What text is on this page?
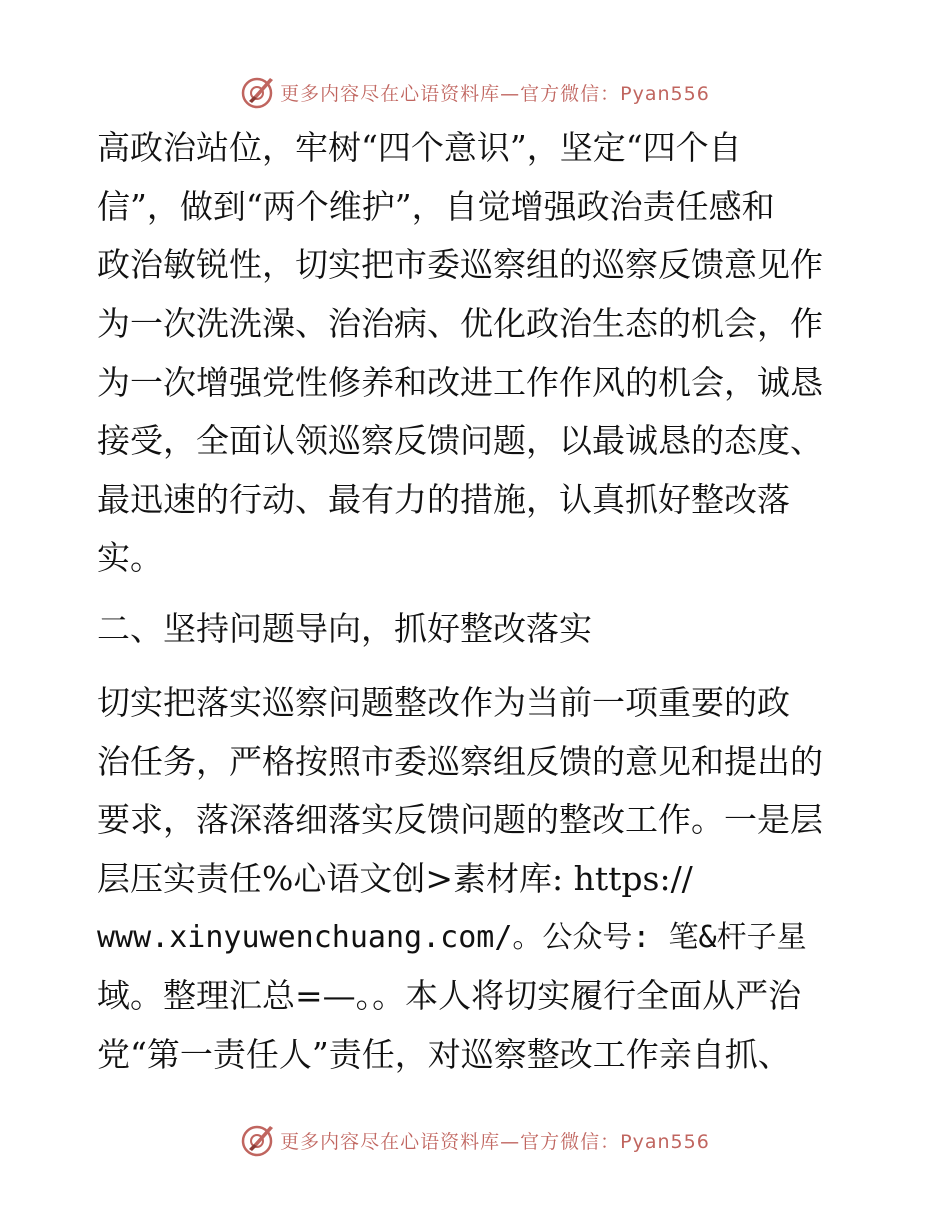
更多内容尽在心语资料库—官方微信：Pyan556
高政治站位，牢树“四个意识”，坚定“四个自
信”，做到“两个维护”，自觉增强政治责任感和
政治敏锐性，切实把市委巡察组的巡察反馈意见作
为一次洗洗澡、治治病、优化政治生态的机会，作
为一次增强党性修养和改进工作作风的机会，诚恳
接受，全面认领巡察反馈问题，以最诚恳的态度、
最迅速的行动、最有力的措施，认真抓好整改落
实。
二、坚持问题导向，抓好整改落实
切实把落实巡察问题整改作为当前一项重要的政
治任务，严格按照市委巡察组反馈的意见和提出的
要求，落深落细落实反馈问题的整改工作。一是层
层压实责任%心语文创>素材库: https://
www.xinyuwenchuang.com/。公众号: 笔&杆子星
域。整理汇总=—。。本人将切实履行全面从严治
党“第一责任人”责任，对巡察整改工作亲自抓、
更多内容尽在心语资料库—官方微信：Pyan556
